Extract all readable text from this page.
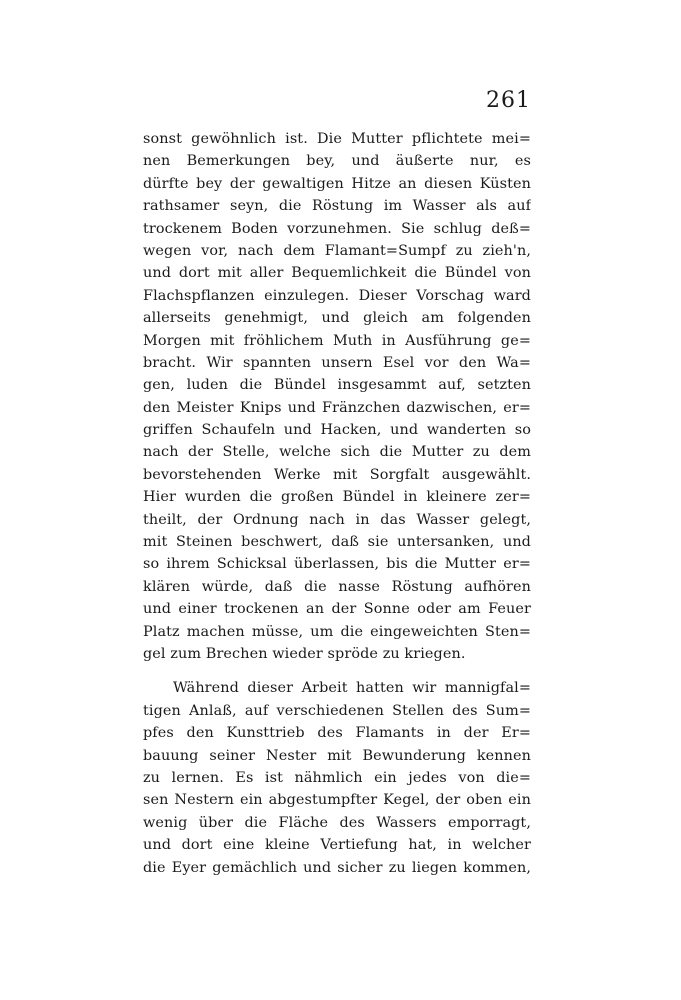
261
sonst gewöhnlich ist. Die Mutter pflichtete mei=
nen Bemerkungen bey, und äußerte nur, es
dürfte bey der gewaltigen Hitze an diesen Küsten
rathsamer seyn, die Röstung im Wasser als auf
trockenem Boden vorzunehmen. Sie schlug deß=
wegen vor, nach dem Flamant=Sumpf zu zieh'n,
und dort mit aller Bequemlichkeit die Bündel von
Flachspflanzen einzulegen. Dieser Vorschag ward
allerseits genehmigt, und gleich am folgenden
Morgen mit fröhlichem Muth in Ausführung ge=
bracht. Wir spannten unsern Esel vor den Wa=
gen, luden die Bündel insgesammt auf, setzten
den Meister Knips und Fränzchen dazwischen, er=
griffen Schaufeln und Hacken, und wanderten so
nach der Stelle, welche sich die Mutter zu dem
bevorstehenden Werke mit Sorgfalt ausgewählt.
Hier wurden die großen Bündel in kleinere zer=
theilt, der Ordnung nach in das Wasser gelegt,
mit Steinen beschwert, daß sie untersanken, und
so ihrem Schicksal überlassen, bis die Mutter er=
klären würde, daß die nasse Röstung aufhören
und einer trockenen an der Sonne oder am Feuer
Platz machen müsse, um die eingeweichten Sten=
gel zum Brechen wieder spröde zu kriegen.
Während dieser Arbeit hatten wir mannigfal=
tigen Anlaß, auf verschiedenen Stellen des Sum=
pfes den Kunsttrieb des Flamants in der Er=
bauung seiner Nester mit Bewunderung kennen
zu lernen. Es ist nähmlich ein jedes von die=
sen Nestern ein abgestumpfter Kegel, der oben ein
wenig über die Fläche des Wassers emporragt,
und dort eine kleine Vertiefung hat, in welcher
die Eyer gemächlich und sicher zu liegen kommen,
